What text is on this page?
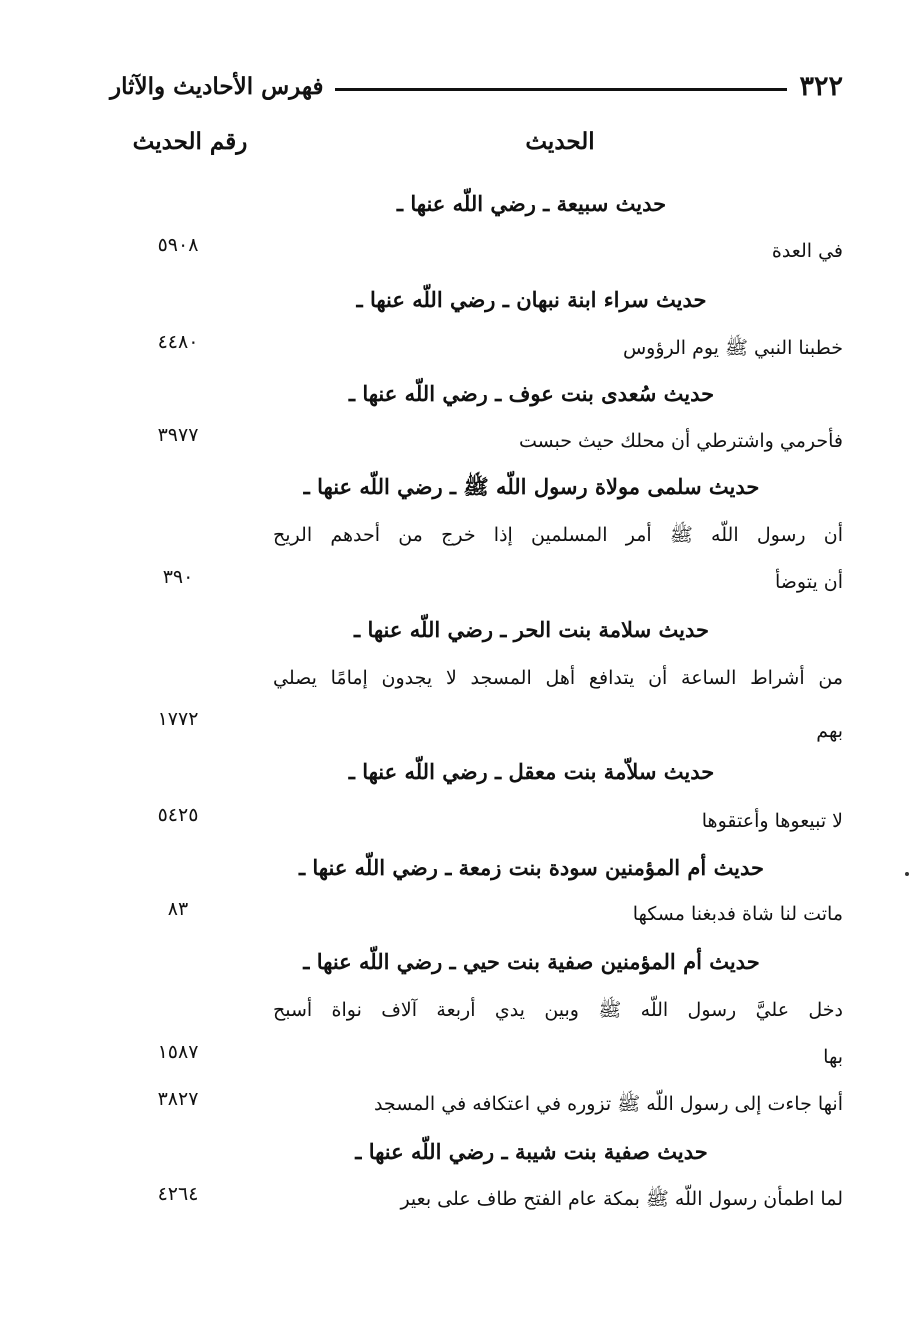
٣٢٢
فهرس الأحاديث والآثار
الحديث
رقم الحديث
حديث سبيعة ـ رضي اللّه عنها ـ
في العدة
٥٩٠٨
حديث سراء ابنة نبهان ـ رضي اللّه عنها ـ
خطبنا النبي ﷺ يوم الرؤوس
٤٤٨٠
حديث سُعدى بنت عوف ـ رضي اللّه عنها ـ
فأحرمي واشترطي أن محلك حيث حبست
٣٩٧٧
حديث سلمى مولاة رسول اللّه ﷺ ـ رضي اللّه عنها ـ
أن رسول اللّه ﷺ أمر المسلمين إذا خرج من أحدهم الريح
أن يتوضأ
٣٩٠
حديث سلامة بنت الحر ـ رضي اللّه عنها ـ
من أشراط الساعة أن يتدافع أهل المسجد لا يجدون إمامًا يصلي
بهم
١٧٧٢
حديث سلاّمة بنت معقل ـ رضي اللّه عنها ـ
لا تبيعوها وأعتقوها
٥٤٢٥
حديث أم المؤمنين سودة بنت زمعة ـ رضي اللّه عنها ـ
ماتت لنا شاة فدبغنا مسكها
٨٣
حديث أم المؤمنين صفية بنت حيي ـ رضي اللّه عنها ـ
دخل عليَّ رسول اللّه ﷺ وبين يدي أربعة آلاف نواة أسبح
بها
١٥٨٧
أنها جاءت إلى رسول اللّه ﷺ تزوره في اعتكافه في المسجد
٣٨٢٧
حديث صفية بنت شيبة ـ رضي اللّه عنها ـ
لما اطمأن رسول اللّه ﷺ بمكة عام الفتح طاف على بعير
٤٢٦٤
